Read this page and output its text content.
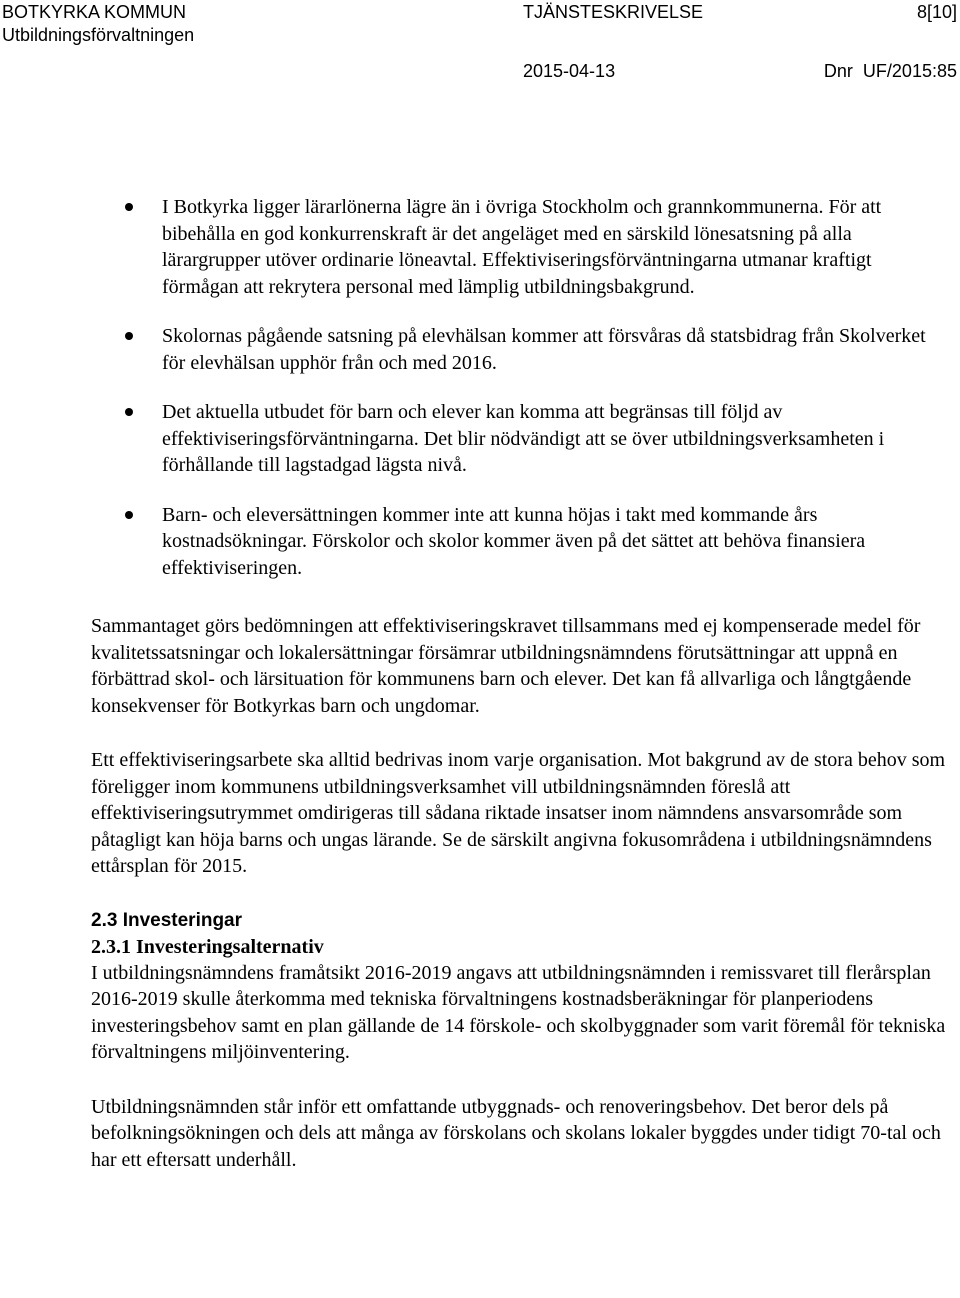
BOTKYRKA KOMMUN
Utbildningsförvaltningen
TJÄNSTESKRIVELSE	8[10]
2015-04-13	Dnr  UF/2015:85
I Botkyrka ligger lärarlönerna lägre än i övriga Stockholm och grannkommunerna. För att bibehålla en god konkurrenskraft är det angeläget med en särskild lönesatsning på alla lärargrupper utöver ordinarie löneavtal. Effektiviseringsförväntningarna utmanar kraftigt förmågan att rekrytera personal med lämplig utbildningsbakgrund.
Skolornas pågående satsning på elevhälsan kommer att försvåras då statsbidrag från Skolverket för elevhälsan upphör från och med 2016.
Det aktuella utbudet för barn och elever kan komma att begränsas till följd av effektiviseringsförväntningarna. Det blir nödvändigt att se över utbildningsverksamheten i förhållande till lagstadgad lägsta nivå.
Barn- och eleversättningen kommer inte att kunna höjas i takt med kommande års kostnadsökningar. Förskolor och skolor kommer även på det sättet att behöva finansiera effektiviseringen.

Sammantaget görs bedömningen att effektiviseringskravet tillsammans med ej kompenserade medel för kvalitetssatsningar och lokalersättningar försämrar utbildningsnämndens förutsättningar att uppnå en förbättrad skol- och lärsituation för kommunens barn och elever. Det kan få allvarliga och långtgående konsekvenser för Botkyrkas barn och ungdomar.

Ett effektiviseringsarbete ska alltid bedrivas inom varje organisation. Mot bakgrund av de stora behov som föreligger inom kommunens utbildningsverksamhet vill utbildningsnämnden föreslå att effektiviseringsutrymmet omdirigeras till sådana riktade insatser inom nämndens ansvarsområde som påtagligt kan höja barns och ungas lärande. Se de särskilt angivna fokusområdena i utbildningsnämndens ettårsplan för 2015.

2.3 Investeringar
2.3.1 Investeringsalternativ

I utbildningsnämndens framåtsikt 2016-2019 angavs att utbildningsnämnden i remissvaret till flerårsplan 2016-2019 skulle återkomma med tekniska förvaltningens kostnadsberäkningar för planperiodens investeringsbehov samt en plan gällande de 14 förskole- och skolbyggnader som varit föremål för tekniska förvaltningens miljöinventering.

Utbildningsnämnden står inför ett omfattande utbyggnads- och renoveringsbehov. Det beror dels på befolkningsökningen och dels att många av förskolans och skolans lokaler byggdes under tidigt 70-tal och har ett eftersatt underhåll.
